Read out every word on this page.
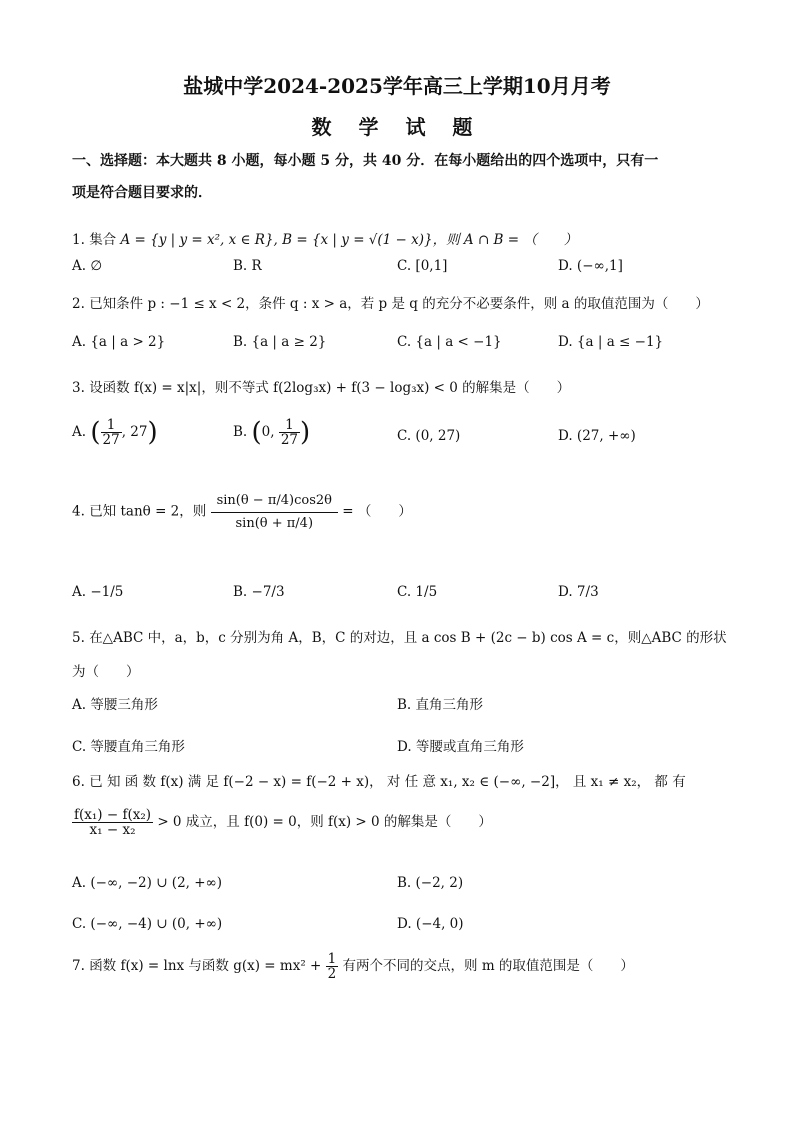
盐城中学2024-2025学年高三上学期10月月考
数 学 试 题
一、选择题：本大题共 8 小题，每小题 5 分，共 40 分．在每小题给出的四个选项中，只有一
项是符合题目要求的．
1. 集合 A = {y | y = x², x ∈ R}, B = {x | y = √(1 − x)}，则 A ∩ B = （　　）
A. ∅	B. R	C. [0,1]	D. (−∞,1]
2. 已知条件 p : −1 ≤ x < 2，条件 q : x > a，若 p 是 q 的充分不必要条件，则 a 的取值范围为（　　）
A. {a | a > 2}	B. {a | a ≥ 2}	C. {a | a < −1}	D. {a | a ≤ −1}
3. 设函数 f(x) = x|x|，则不等式 f(2log₃x) + f(3 − log₃x) < 0 的解集是（　　）
A. ( $\frac{1}{27}$ , 27)	B. (0, $\frac{1}{27}$ )	C. (0, 27)	D. (27, +∞)
4. 已知 tanθ = 2，则 $\frac{\sin(\theta - \pi/4)\cos 2\theta}{\sin(\theta + \pi/4)}$ = （　　）
A. −1/5	B. −7/3	C. 1/5	D. 7/3
5. 在△ABC 中，a，b，c 分别为角 A，B，C 的对边，且 a cos B + (2c − b) cos A = c，则△ABC 的形状
为（　　）
A. 等腰三角形	B. 直角三角形
C. 等腰直角三角形	D. 等腰或直角三角形
6. 已 知 函 数 f(x) 满 足 f(−2 − x) = f(−2 + x)， 对 任 意 x₁, x₂ ∈ (−∞, −2]， 且 x₁ ≠ x₂， 都 有
$\frac{\text{f(x₁) − f(x₂)}}{\text{x₁ − x₂}} > 0$ 成立，且 f(0) = 0，则 f(x) > 0 的解集是（　　）
A. (−∞, −2) ∪ (2, +∞)	B. (−2, 2)
C. (−∞, −4) ∪ (0, +∞)	D. (−4, 0)
7. 函数 f(x) = lnx 与函数 $g(x) = mx^2 + \frac{1}{2}$ 有两个不同的交点，则 m 的取值范围是（　　）
